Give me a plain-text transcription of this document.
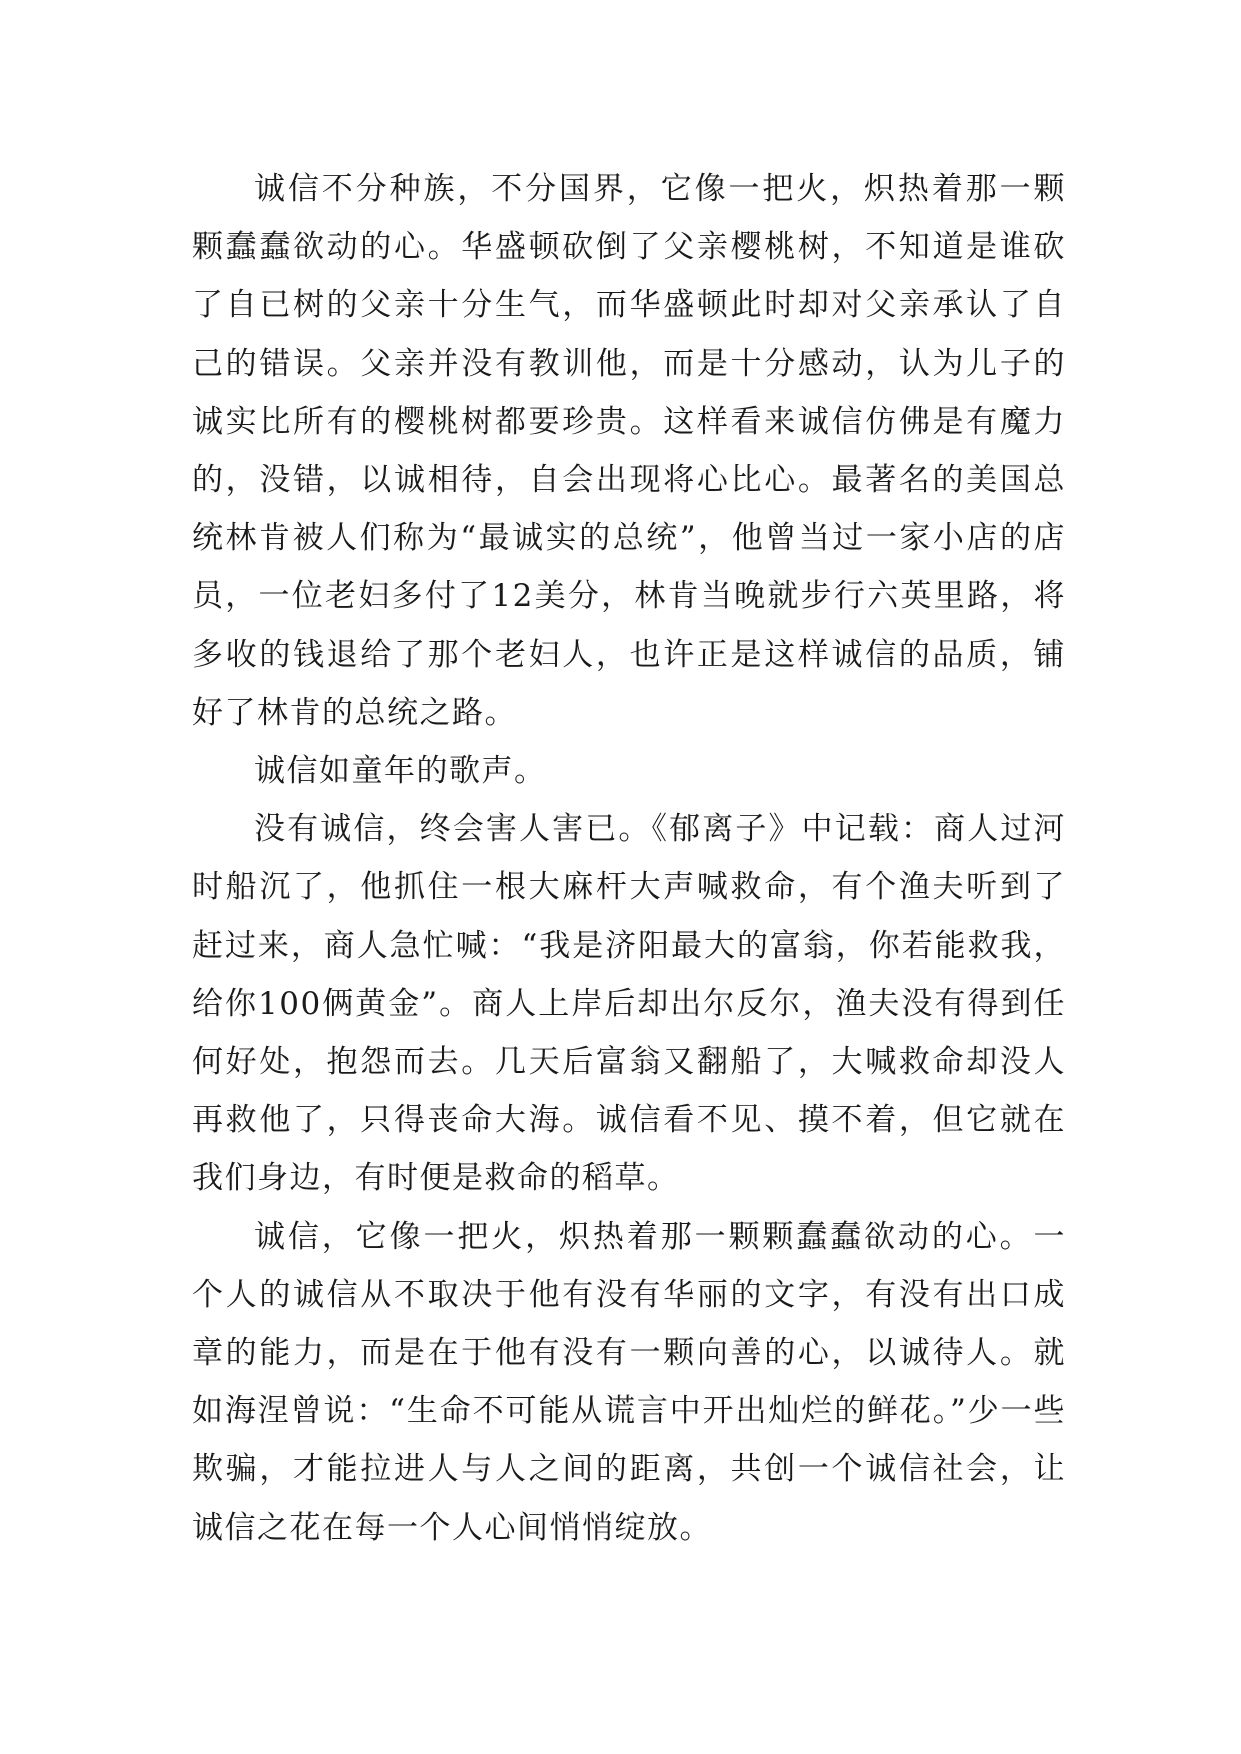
诚信不分种族，不分国界，它像一把火，炽热着那一颗颗蠢蠢欲动的心。华盛顿砍倒了父亲樱桃树，不知道是谁砍了自已树的父亲十分生气，而华盛顿此时却对父亲承认了自己的错误。父亲并没有教训他，而是十分感动，认为儿子的诚实比所有的樱桃树都要珍贵。这样看来诚信仿佛是有魔力的，没错，以诚相待，自会出现将心比心。最著名的美国总统林肯被人们称为“最诚实的总统”，他曾当过一家小店的店员，一位老妇多付了12美分，林肯当晚就步行六英里路，将多收的钱退给了那个老妇人，也许正是这样诚信的品质，铺好了林肯的总统之路。

诚信如童年的歌声。

没有诚信，终会害人害已。《郁离子》中记载：商人过河时船沉了，他抓住一根大麻杆大声喊救命，有个渔夫听到了赶过来，商人急忙喊：“我是济阳最大的富翁，你若能救我，给你100俩黄金”。商人上岸后却出尔反尔，渔夫没有得到任何好处，抱怨而去。几天后富翁又翻船了，大喊救命却没人再救他了，只得丧命大海。诚信看不见、摸不着，但它就在我们身边，有时便是救命的稻草。

诚信，它像一把火，炽热着那一颗颗蠢蠢欲动的心。一个人的诚信从不取决于他有没有华丽的文字，有没有出口成章的能力，而是在于他有没有一颗向善的心，以诚待人。就如海涅曾说：“生命不可能从谎言中开出灿烂的鲜花。”少一些欺骗，才能拉进人与人之间的距离，共创一个诚信社会，让诚信之花在每一个人心间悄悄绽放。
